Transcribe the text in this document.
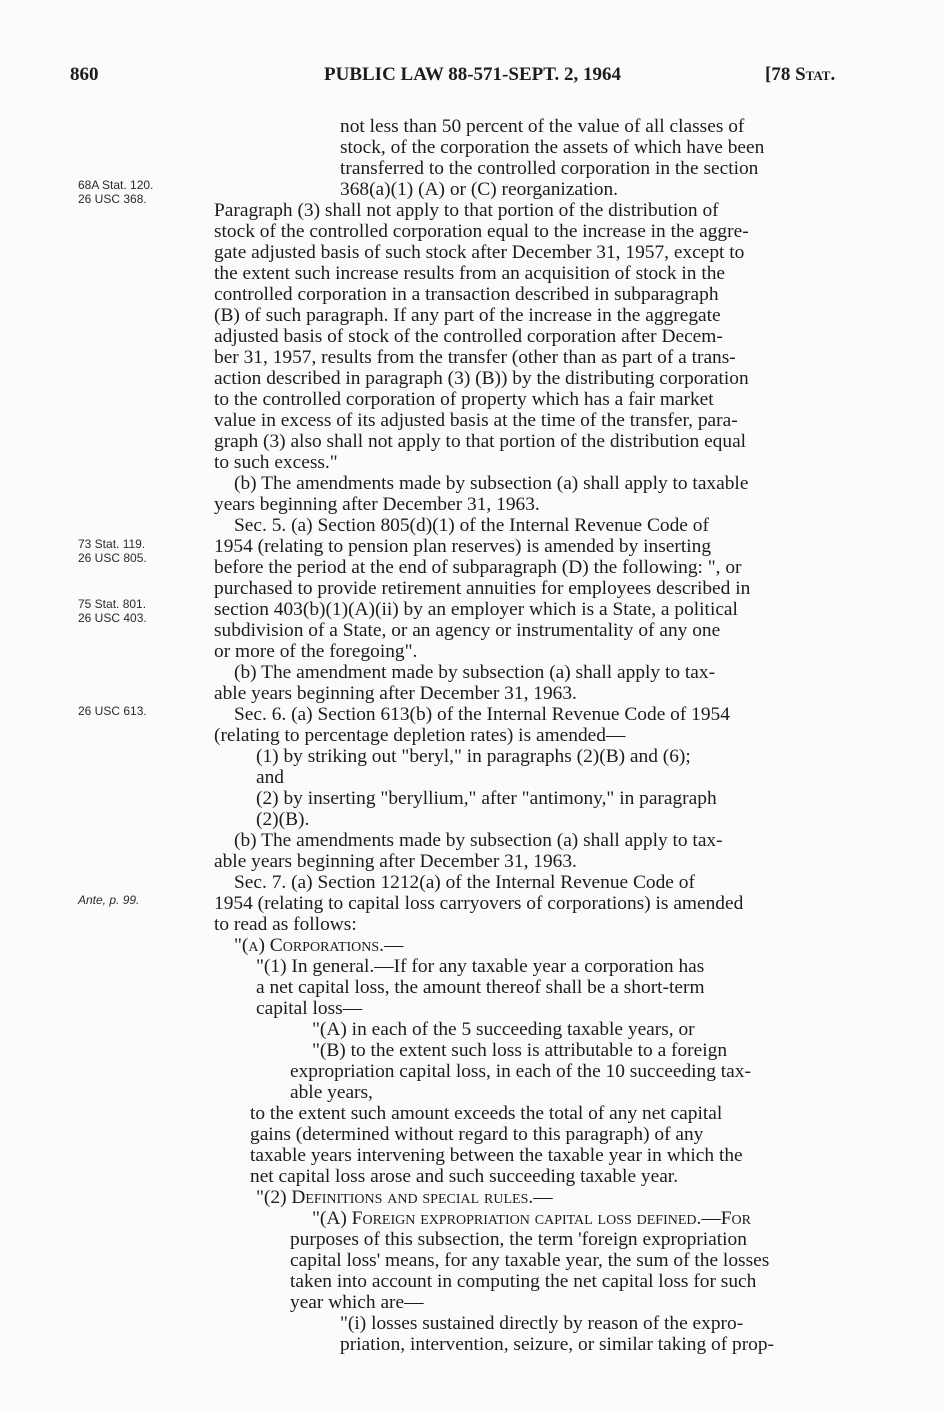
860	PUBLIC LAW 88-571-SEPT. 2, 1964	[78 Stat.
68A Stat. 120.
26 USC 368.
73 Stat. 119.
26 USC 805.
75 Stat. 801.
26 USC 403.
26 USC 613.
Ante, p. 99.
not less than 50 percent of the value of all classes of
stock, of the corporation the assets of which have been
transferred to the controlled corporation in the section
368(a)(1) (A) or (C) reorganization.
Paragraph (3) shall not apply to that portion of the distribution of
stock of the controlled corporation equal to the increase in the aggre-
gate adjusted basis of such stock after December 31, 1957, except to
the extent such increase results from an acquisition of stock in the
controlled corporation in a transaction described in subparagraph
(B) of such paragraph. If any part of the increase in the aggregate
adjusted basis of stock of the controlled corporation after Decem-
ber 31, 1957, results from the transfer (other than as part of a trans-
action described in paragraph (3) (B)) by the distributing corporation
to the controlled corporation of property which has a fair market
value in excess of its adjusted basis at the time of the transfer, para-
graph (3) also shall not apply to that portion of the distribution equal
to such excess."
(b) The amendments made by subsection (a) shall apply to taxable
years beginning after December 31, 1963.
Sec. 5. (a) Section 805(d)(1) of the Internal Revenue Code of
1954 (relating to pension plan reserves) is amended by inserting
before the period at the end of subparagraph (D) the following: ", or
purchased to provide retirement annuities for employees described in
section 403(b)(1)(A)(ii) by an employer which is a State, a political
subdivision of a State, or an agency or instrumentality of any one
or more of the foregoing".
(b) The amendment made by subsection (a) shall apply to tax-
able years beginning after December 31, 1963.
Sec. 6. (a) Section 613(b) of the Internal Revenue Code of 1954
(relating to percentage depletion rates) is amended—
(1) by striking out "beryl," in paragraphs (2)(B) and (6);
and
(2) by inserting "beryllium," after "antimony," in paragraph
(2)(B).
(b) The amendments made by subsection (a) shall apply to tax-
able years beginning after December 31, 1963.
Sec. 7. (a) Section 1212(a) of the Internal Revenue Code of
1954 (relating to capital loss carryovers of corporations) is amended
to read as follows:
"(a) Corporations.—
"(1) In general.—If for any taxable year a corporation has
a net capital loss, the amount thereof shall be a short-term
capital loss—
"(A) in each of the 5 succeeding taxable years, or
"(B) to the extent such loss is attributable to a foreign
expropriation capital loss, in each of the 10 succeeding tax-
able years,
to the extent such amount exceeds the total of any net capital
gains (determined without regard to this paragraph) of any
taxable years intervening between the taxable year in which the
net capital loss arose and such succeeding taxable year.
"(2) Definitions and special rules.—
"(A) Foreign expropriation capital loss defined.—For
purposes of this subsection, the term 'foreign expropriation
capital loss' means, for any taxable year, the sum of the losses
taken into account in computing the net capital loss for such
year which are—
"(i) losses sustained directly by reason of the expro-
priation, intervention, seizure, or similar taking of prop-
